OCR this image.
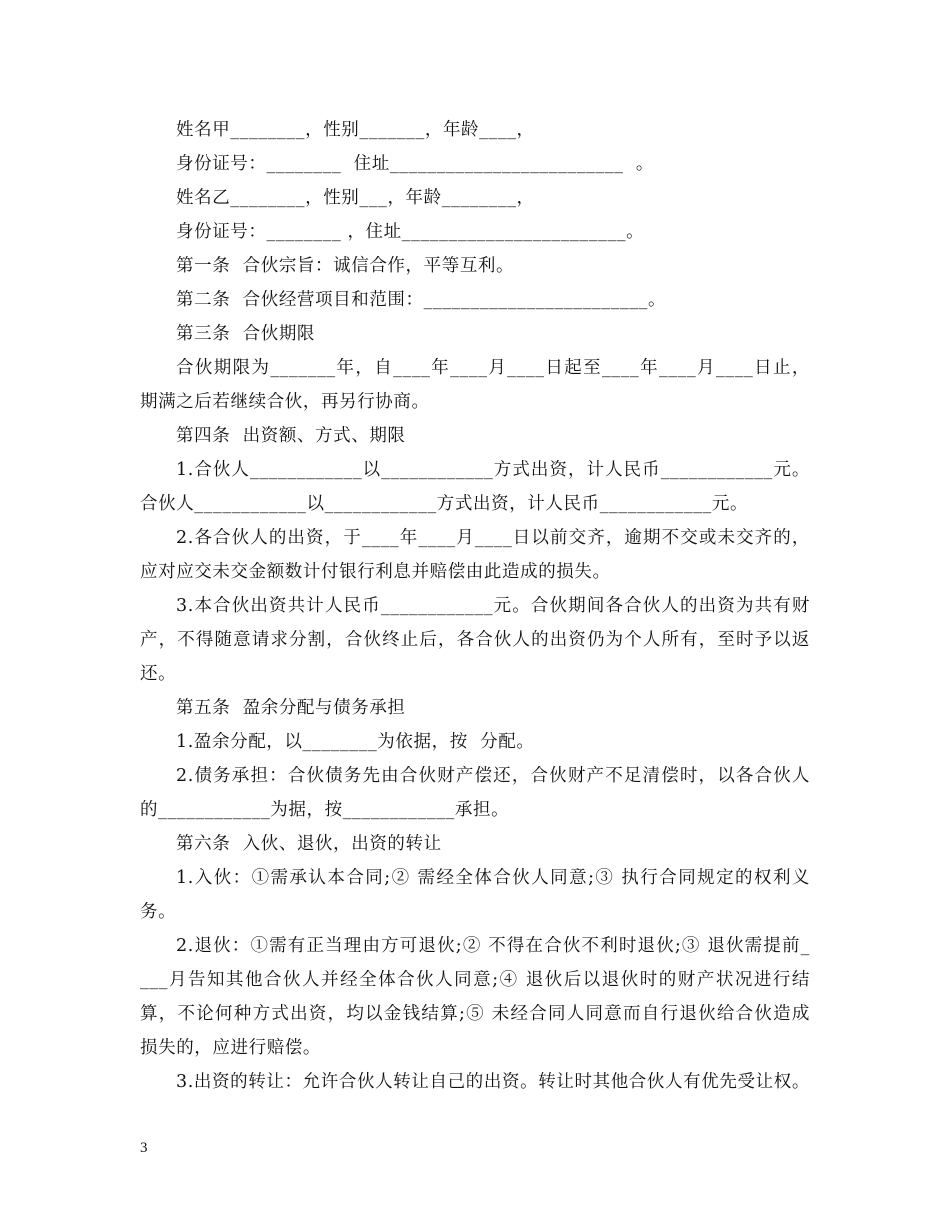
姓名甲________，性别_______，年龄____，
身份证号：________  住址_________________________  。
姓名乙________，性别___，年龄________，
身份证号：________ ，住址________________________。
第一条  合伙宗旨：诚信合作，平等互利。
第二条  合伙经营项目和范围：________________________。
第三条  合伙期限
合伙期限为_______年，自____年____月____日起至____年____月____日止，
期满之后若继续合伙，再另行协商。
第四条  出资额、方式、期限
1.合伙人____________以____________方式出资，计人民币____________元。
合伙人____________以____________方式出资，计人民币____________元。
2.各合伙人的出资，于____年____月____日以前交齐，逾期不交或未交齐的，
应对应交未交金额数计付银行利息并赔偿由此造成的损失。
3.本合伙出资共计人民币____________元。合伙期间各合伙人的出资为共有财
产，不得随意请求分割，合伙终止后，各合伙人的出资仍为个人所有，至时予以返
还。
第五条  盈余分配与债务承担
1.盈余分配，以________为依据，按  分配。
2.债务承担：合伙债务先由合伙财产偿还，合伙财产不足清偿时，以各合伙人
的____________为据，按____________承担。
第六条  入伙、退伙，出资的转让
1.入伙：①需承认本合同;② 需经全体合伙人同意;③ 执行合同规定的权利义
务。
2.退伙：①需有正当理由方可退伙;② 不得在合伙不利时退伙;③ 退伙需提前_
___月告知其他合伙人并经全体合伙人同意;④ 退伙后以退伙时的财产状况进行结
算，不论何种方式出资，均以金钱结算;⑤ 未经合同人同意而自行退伙给合伙造成
损失的，应进行赔偿。
3.出资的转让：允许合伙人转让自己的出资。转让时其他合伙人有优先受让权。
3
